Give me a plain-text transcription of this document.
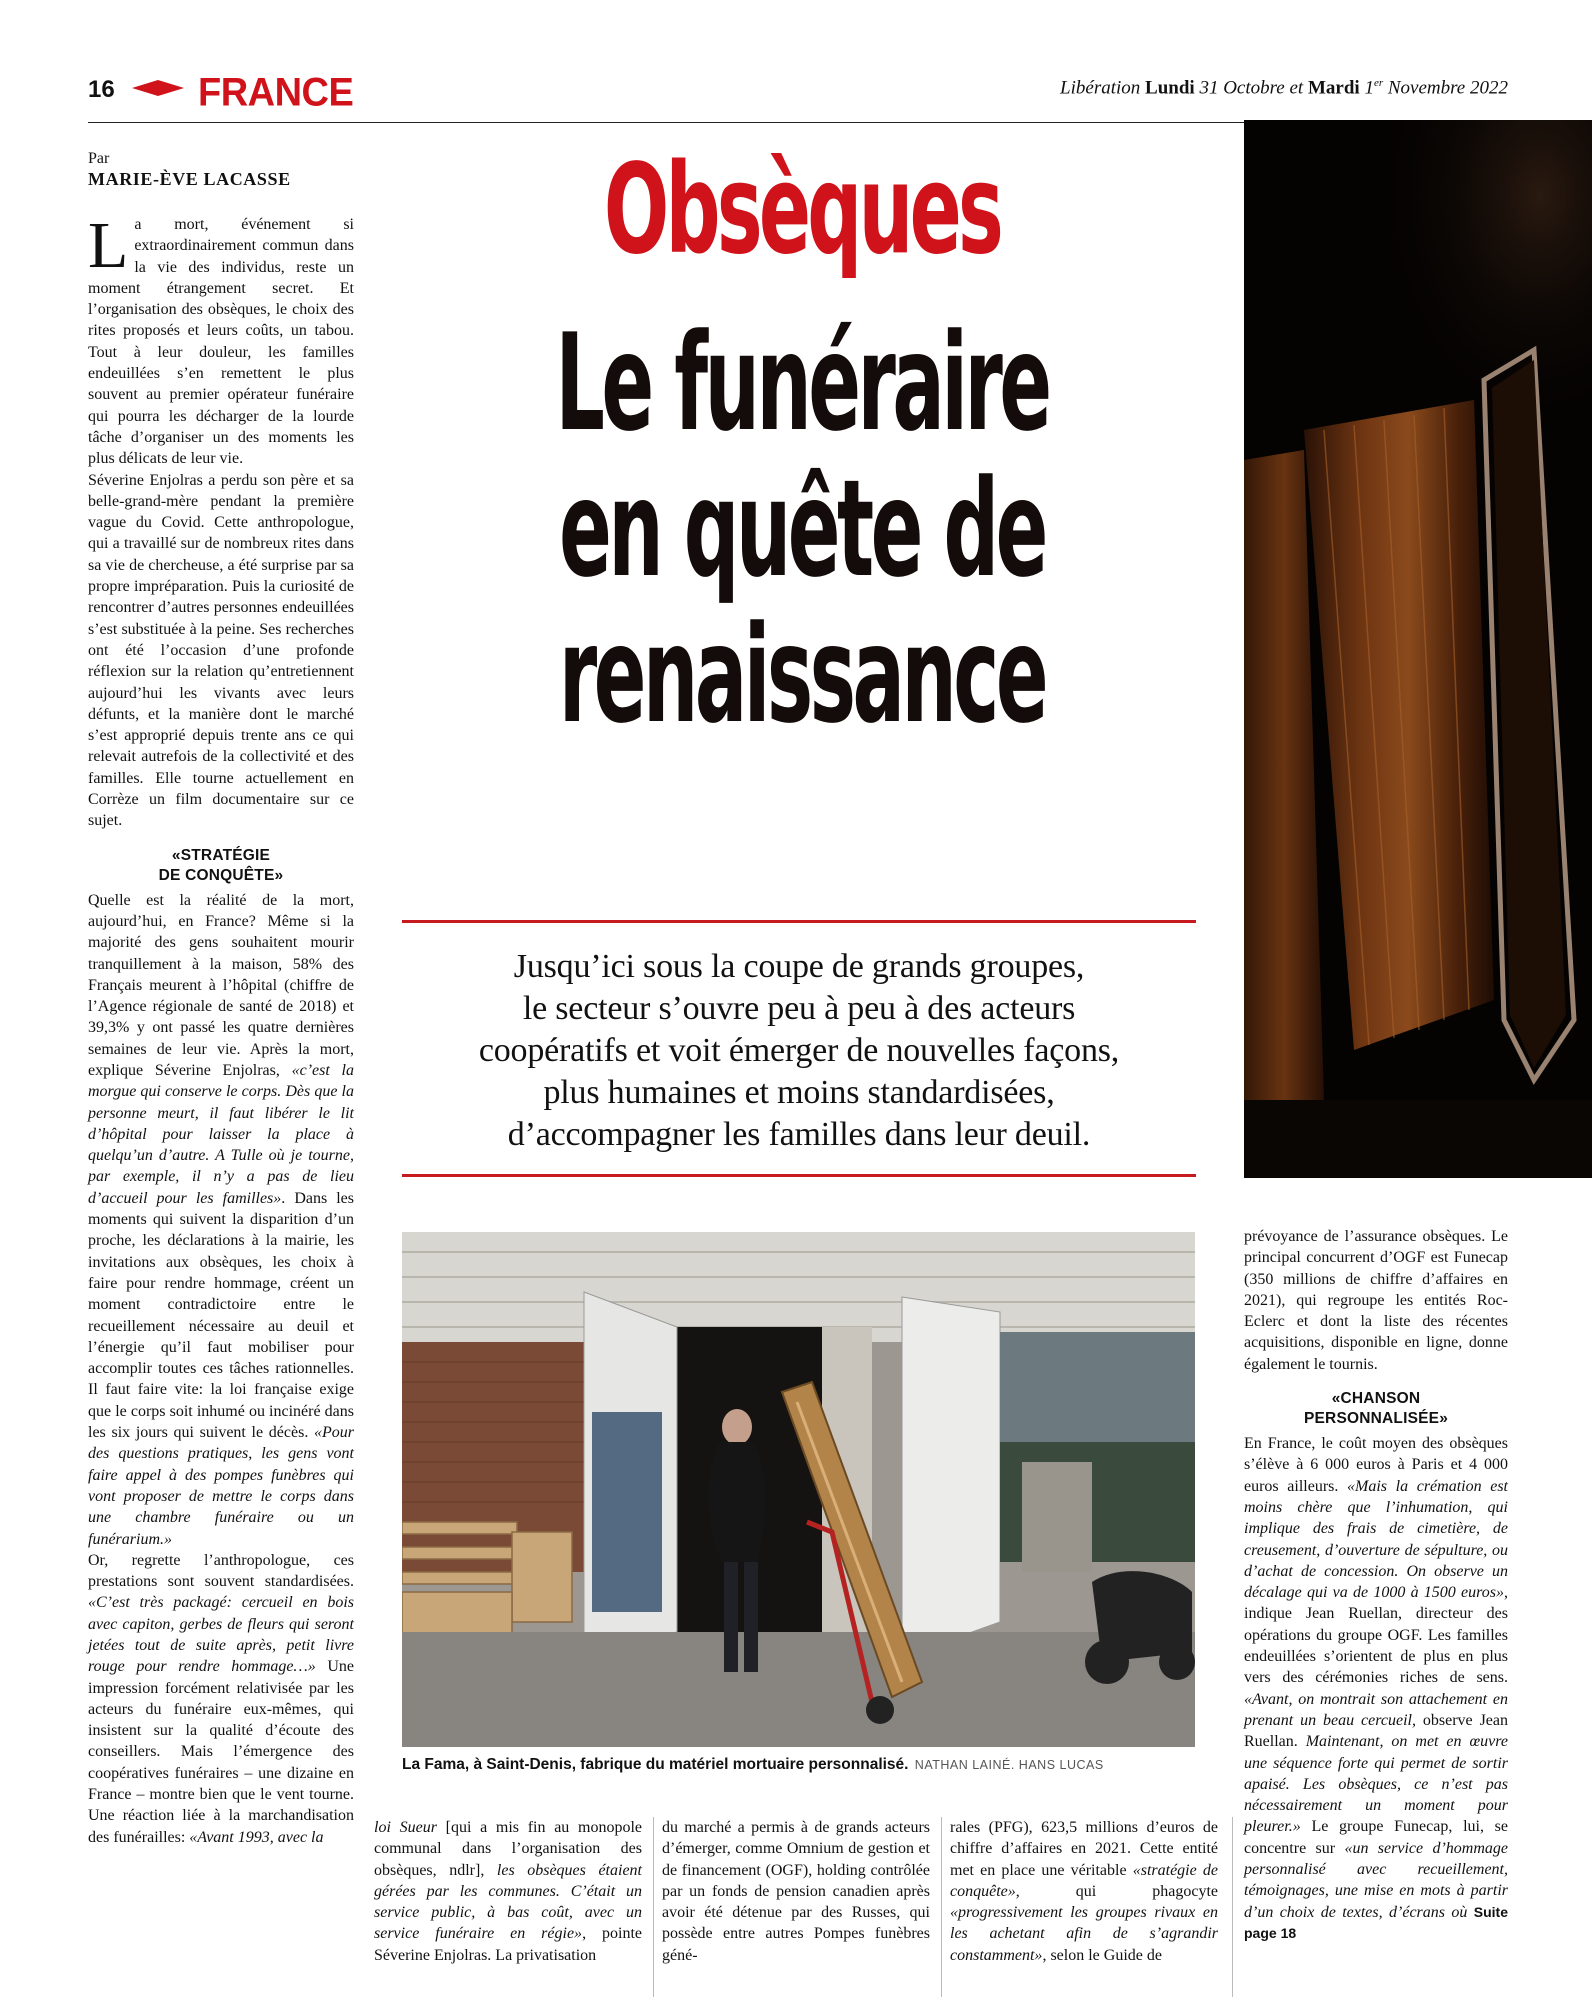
16 FRANCE	Libération Lundi 31 Octobre et Mardi 1er Novembre 2022
Par
MARIE-ÈVE LACASSE

La mort, événement si extraordinairement commun dans la vie des individus, reste un moment étrangement secret. Et l’organisation des obsèques, le choix des rites proposés et leurs coûts, un tabou. Tout à leur douleur, les familles endeuillées s’en remettent le plus souvent au premier opérateur funéraire qui pourra les décharger de la lourde tâche d’organiser un des moments les plus délicats de leur vie.

Séverine Enjolras a perdu son père et sa belle-grand-mère pendant la première vague du Covid. Cette anthropologue, qui a travaillé sur de nombreux rites dans sa vie de chercheuse, a été surprise par sa propre impréparation. Puis la curiosité de rencontrer d’autres personnes endeuillées s’est substituée à la peine. Ses recherches ont été l’occasion d’une profonde réflexion sur la relation qu’entretiennent aujourd’hui les vivants avec leurs défunts, et la manière dont le marché s’est approprié depuis trente ans ce qui relevait autrefois de la collectivité et des familles. Elle tourne actuellement en Corrèze un film documentaire sur ce sujet.

«STRATÉGIE
DE CONQUÊTE»

Quelle est la réalité de la mort, aujourd’hui, en France? Même si la majorité des gens souhaitent mourir tranquillement à la maison, 58% des Français meurent à l’hôpital (chiffre de l’Agence régionale de santé de 2018) et 39,3% y ont passé les quatre dernières semaines de leur vie. Après la mort, explique Séverine Enjolras, «c’est la morgue qui conserve le corps. Dès que la personne meurt, il faut libérer le lit d’hôpital pour laisser la place à quelqu’un d’autre. A Tulle où je tourne, par exemple, il n’y a pas de lieu d’accueil pour les familles». Dans les moments qui suivent la disparition d’un proche, les déclarations à la mairie, les invitations aux obsèques, les choix à faire pour rendre hommage, créent un moment contradictoire entre le recueillement nécessaire au deuil et l’énergie qu’il faut mobiliser pour accomplir toutes ces tâches rationnelles. Il faut faire vite: la loi française exige que le corps soit inhumé ou incinéré dans les six jours qui suivent le décès. «Pour des questions pratiques, les gens vont faire appel à des pompes funèbres qui vont proposer de mettre le corps dans une chambre funéraire ou un funérarium.»

Or, regrette l’anthropologue, ces prestations sont souvent standardisées. «C’est très packagé: cercueil en bois avec capiton, gerbes de fleurs qui seront jetées tout de suite après, petit livre rouge pour rendre hommage…» Une impression forcément relativisée par les acteurs du funéraire eux-mêmes, qui insistent sur la qualité d’écoute des conseillers. Mais l’émergence des coopératives funéraires – une dizaine en France – montre bien que le vent tourne. Une réaction liée à la marchandisation des funérailles: «Avant 1993, avec la

Obsèques
Le funéraire
en quête de
renaissance
Jusqu’ici sous la coupe de grands groupes,
le secteur s’ouvre peu à peu à des acteurs
coopératifs et voit émerger de nouvelles façons,
plus humaines et moins standardisées,
d’accompagner les familles dans leur deuil.
La Fama, à Saint-Denis, fabrique du matériel mortuaire personnalisé. NATHAN LAINÉ. HANS LUCAS
loi Sueur [qui a mis fin au monopole communal dans l’organisation des obsèques, ndlr], les obsèques étaient gérées par les communes. C’était un service public, à bas coût, avec un service funéraire en régie», pointe Séverine Enjolras. La privatisation
du marché a permis à de grands acteurs d’émerger, comme Omnium de gestion et de financement (OGF), holding contrôlée par un fonds de pension canadien après avoir été détenue par des Russes, qui possède entre autres Pompes funèbres géné-
rales (PFG), 623,5 millions d’euros de chiffre d’affaires en 2021. Cette entité met en place une véritable «stratégie de conquête», qui phagocyte «progressivement les groupes rivaux en les achetant afin de s’agrandir constamment», selon le Guide de

prévoyance de l’assurance obsèques. Le principal concurrent d’OGF est Funecap (350 millions de chiffre d’affaires en 2021), qui regroupe les entités Roc-Eclerc et dont la liste des récentes acquisitions, disponible en ligne, donne également le tournis.

«CHANSON
PERSONNALISÉE»

En France, le coût moyen des obsèques s’élève à 6 000 euros à Paris et 4 000 euros ailleurs. «Mais la crémation est moins chère que l’inhumation, qui implique des frais de cimetière, de creusement, d’ouverture de sépulture, ou d’achat de concession. On observe un décalage qui va de 1000 à 1500 euros», indique Jean Ruellan, directeur des opérations du groupe OGF. Les familles endeuillées s’orientent de plus en plus vers des cérémonies riches de sens. «Avant, on montrait son attachement en prenant un beau cercueil, observe Jean Ruellan. Maintenant, on met en œuvre une séquence forte qui permet de sortir apaisé. Les obsèques, ce n’est pas nécessairement un moment pour pleurer.» Le groupe Funecap, lui, se concentre sur «un service d’hommage personnalisé avec recueillement, témoignages, une mise en mots à partir d’un choix de textes, d’écrans où Suite page 18
